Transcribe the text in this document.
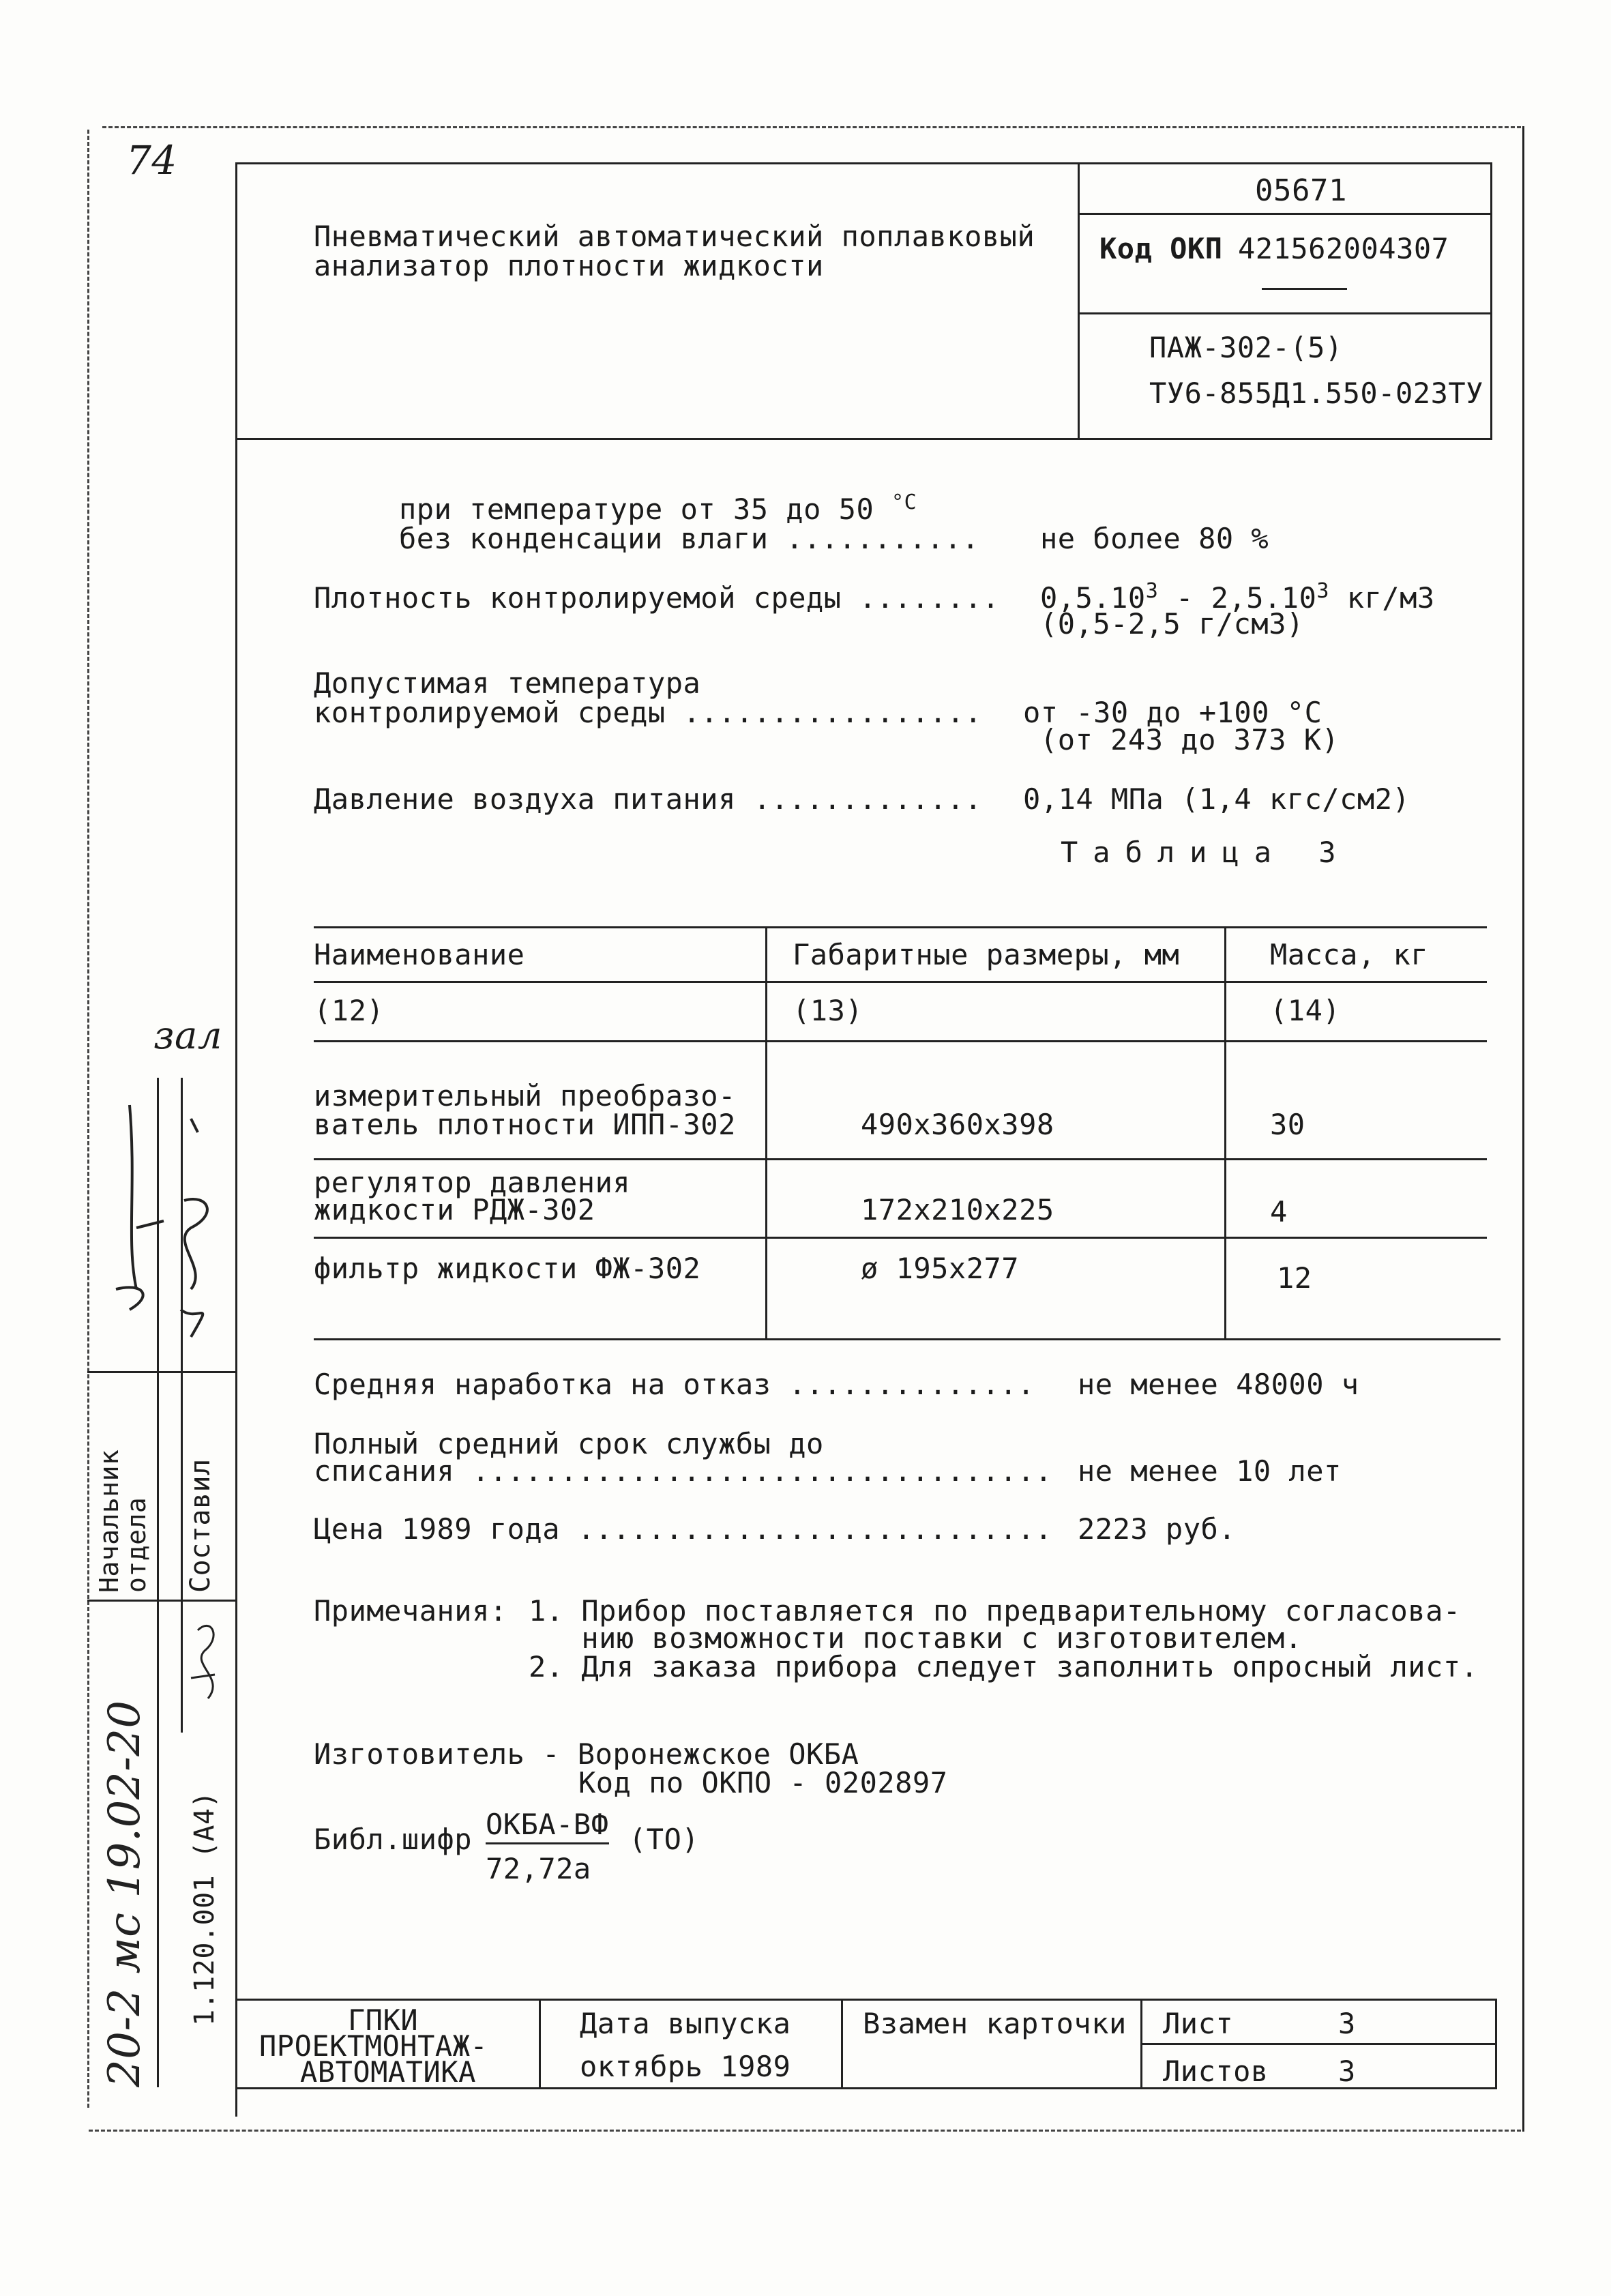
74
Пневматический автоматический поплавковый
анализатор плотности жидкости
05671
Код ОКП 421562004307
ПАЖ-302-(5)
ТУ6-855Д1.550-023ТУ
при температуре от 35 до 50 $^{^\circ С}$
без конденсации влаги ........... не более 80 %
Плотность контролируемой среды ........ 0,5.10$^3$ - 2,5.10$^3$ кг/м3
(0,5-2,5 г/см3)
Допустимая температура
контролируемой среды ................. от -30 до +100 °С
(от 243 до 373 К)
Давление воздуха питания ............. 0,14 МПа (1,4 кгс/см2)
Таблица 3
Наименование	Габаритные размеры, мм	Масса, кг
(12)	(13)	(14)
измерительный преобразо-
ватель плотности ИПП-302	490х360х398	30
регулятор давления
жидкости РДЖ-302	172х210х225	4
фильтр жидкости ФЖ-302	ø 195х277	12
Средняя наработка на отказ .............. не менее 48000 ч
Полный средний срок службы до
списания ................................. не менее 10 лет
Цена 1989 года ........................... 2223 руб.
Примечания: 1. Прибор поставляется по предварительному согласова-
нию возможности поставки с изготовителем.
2. Для заказа прибора следует заполнить опросный лист.
Изготовитель - Воронежское ОКБА
Код по ОКПО - 0202897
Библ.шифр ОКБА-ВФ
72,72а
(ТО)
ГПКИ
ПРОЕКТМОНТАЖ-
АВТОМАТИКА
Дата выпуска
октябрь 1989
Взамен карточки Лист	3
Листов 3
Начальник отдела Составил
1.120.001 (А4)
20-2 мс 19.02-20
зал
